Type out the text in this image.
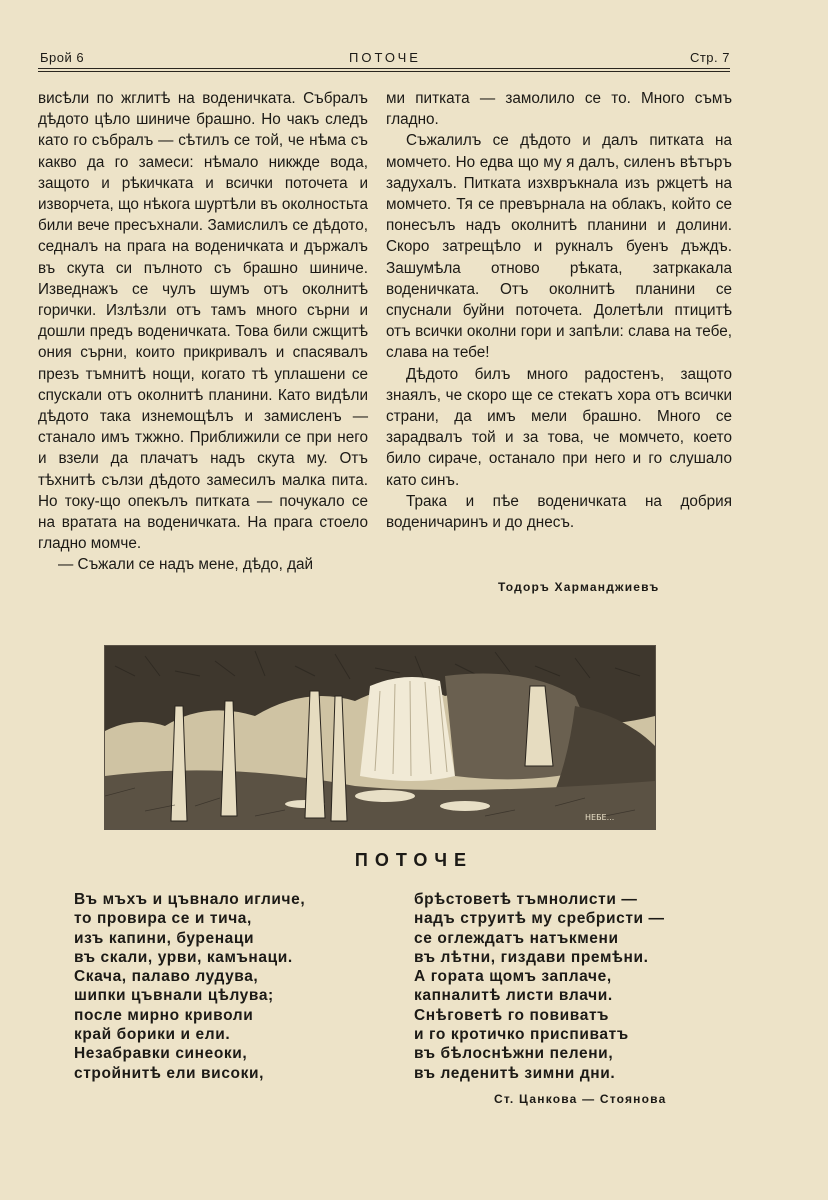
Брой 6	ПОТОЧЕ	Стр. 7

висѣли по жглитѣ на воденичката. Събралъ дѣдото цѣло шиниче брашно. Но чакъ следъ като го събралъ — сѣтилъ се той, че нѣма съ какво да го замеси: нѣмало никжде вода, защото и рѣкичката и всички поточета и изворчета, що нѣкога шуртѣли въ околностьта били вече пресъхнали. Замислилъ се дѣдото, седналъ на прага на воденичката и държалъ въ скута си пълното съ брашно шиниче. Изведнажъ се чулъ шумъ отъ околнитѣ горички. Излѣзли отъ тамъ много сърни и дошли предъ воденичката. Това били сжщитѣ ония сърни, които прикривалъ и спасявалъ презъ тъмнитѣ нощи, когато тѣ уплашени се спускали отъ околнитѣ планини. Като видѣли дѣдото така изнемощѣлъ и замисленъ — станало имъ тжжно. Приближили се при него и взели да плачатъ надъ скута му. Отъ тѣхнитѣ сълзи дѣдото замесилъ малка пита. Но току-що опекълъ питката — почукало се на вратата на воденичката. На прага стоело гладно момче.

— Съжали се надъ мене, дѣдо, дай

ми питката — замолило се то. Много съмъ гладно.

Съжалилъ се дѣдото и далъ питката на момчето. Но едва що му я далъ, силенъ вѣтъръ задухалъ. Питката изхвръкнала изъ ржцетѣ на момчето. Тя се превърнала на облакъ, който се понесълъ надъ околнитѣ планини и долини. Скоро затрещѣло и рукналъ буенъ дъждъ. Зашумѣла отново рѣката, затркакала воденичката. Отъ околнитѣ планини се спуснали буйни поточета. Долетѣли птицитѣ отъ всички околни гори и запѣли: слава на тебе, слава на тебе!

Дѣдото билъ много радостенъ, защото знаялъ, че скоро ще се стекатъ хора отъ всички страни, да имъ мели брашно. Много се зарадвалъ той и за това, че момчето, което било сираче, останало при него и го слушало като синъ.

Трака и пѣе воденичката на добрия воденичаринъ и до днесъ.

Тодоръ Харманджиевъ
НЕБЕ...
ПОТОЧЕ
Въ мъхъ и цъвнало игличе,
то провира се и тича,
изъ капини, буренаци
въ скали, урви, камънаци.
Скача, палаво лудува,
шипки цъвнали цѣлува;
после мирно криволи
край борики и ели.
Незабравки синеоки,
стройнитѣ ели високи,
брѣстоветѣ тъмнолисти —
надъ струитѣ му сребристи —
се оглеждатъ натъкмени
въ лѣтни, гиздави премѣни.
А гората щомъ заплаче,
капналитѣ листи влачи.
Снѣговетѣ го повиватъ
и го кротичко приспиватъ
въ бѣлоснѣжни пелени,
въ леденитѣ зимни дни.
Ст. Цанкова — Стоянова
